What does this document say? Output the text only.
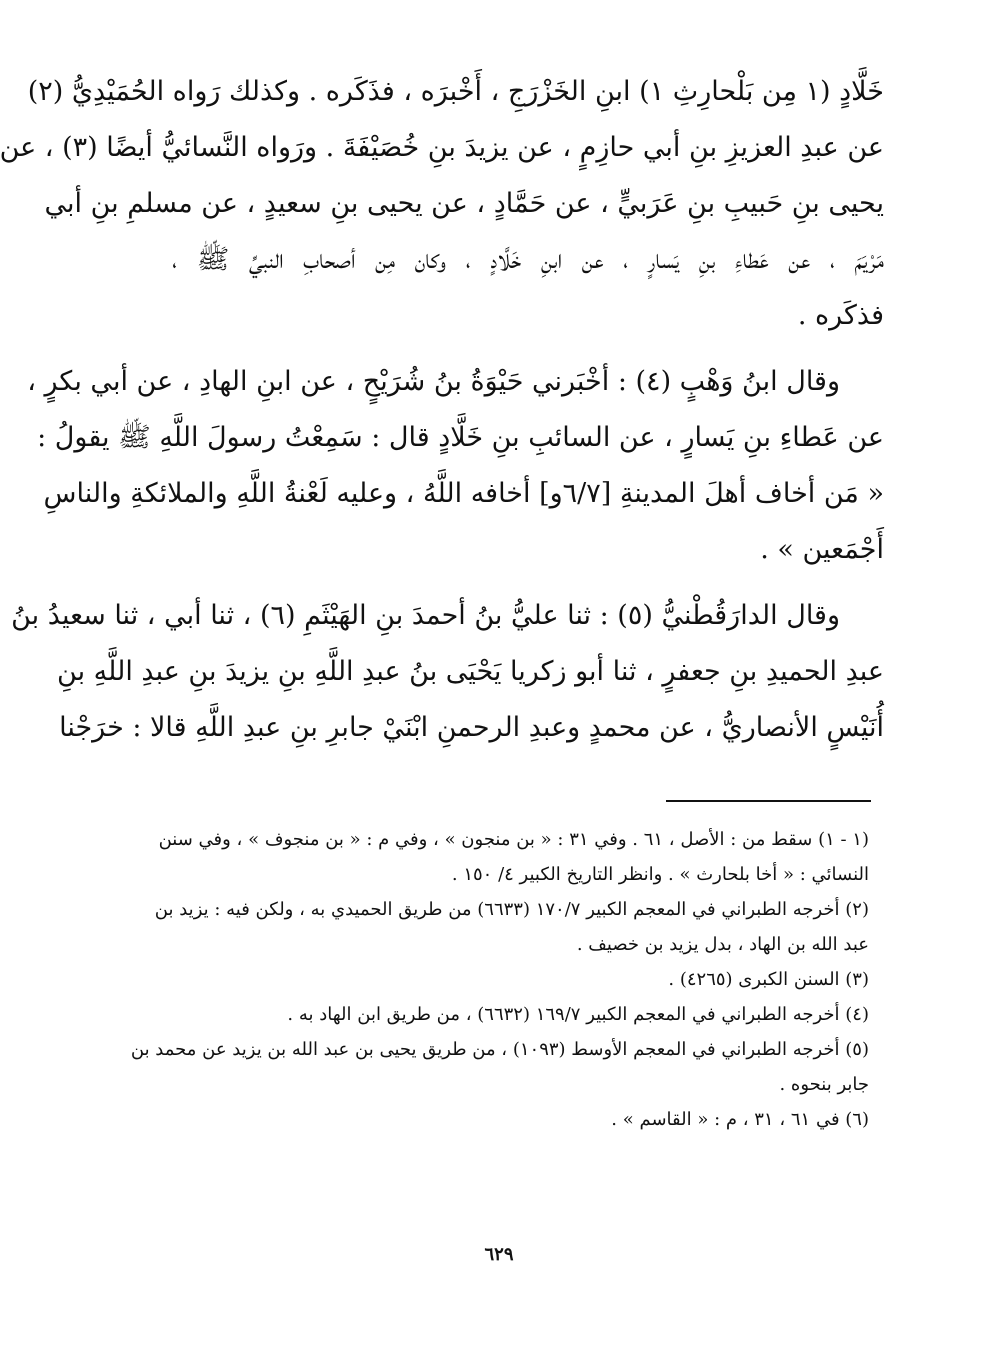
خَلَّادٍ (١ مِن بَلْحارِثِ ١) ابنِ الخَزْرَجِ ، أَخْبرَه ، فذَكَره . وكذلك رَواه الحُمَيْدِيُّ (٢)
عن عبدِ العزيزِ بنِ أبي حازِمٍ ، عن يزيدَ بنِ خُصَيْفَةَ . ورَواه النَّسائيُّ أيضًا (٣) ، عن
يحيى بنِ حَبيبِ بنِ عَرَبيٍّ ، عن حَمَّادٍ ، عن يحيى بنِ سعيدٍ ، عن مسلمِ بنِ أبي
مَرْيَمَ ، عن عَطاءِ بنِ يَسارٍ ، عن ابنِ خَلَّادٍ ، وكان مِن أصحابِ النبيِّ ﷺ ،
فذكَره .
وقال ابنُ وَهْبٍ (٤) : أخْبَرني حَيْوَةُ بنُ شُرَيْحٍ ، عن ابنِ الهادِ ، عن أبي بكرٍ ،
عن عَطاءِ بنِ يَسارٍ ، عن السائبِ بنِ خَلَّادٍ قال : سَمِعْتُ رسولَ اللَّهِ ﷺ يقولُ :
« مَن أخاف أهلَ المدينةِ [٦/٧و] أخافه اللَّهُ ، وعليه لَعْنةُ اللَّهِ والملائكةِ والناسِ
أَجْمَعين » .
وقال الدارَقُطْنيُّ (٥) : ثنا عليُّ بنُ أحمدَ بنِ الهَيْثَمِ (٦) ، ثنا أبي ، ثنا سعيدُ بنُ
عبدِ الحميدِ بنِ جعفرٍ ، ثنا أبو زكريا يَحْيَى بنُ عبدِ اللَّهِ بنِ يزيدَ بنِ عبدِ اللَّهِ بنِ
أُنَيْسٍ الأنصاريُّ ، عن محمدٍ وعبدِ الرحمنِ ابْنَيْ جابرِ بنِ عبدِ اللَّهِ قالا : خرَجْنا
(١ - ١) سقط من : الأصل ، ٦١ . وفي ٣١ : « بن منجون » ، وفي م : « بن منجوف » ، وفي سنن
النسائي : « أخا بلحارث » . وانظر التاريخ الكبير ٤/ ١٥٠ .
(٢) أخرجه الطبراني في المعجم الكبير ١٧٠/٧ (٦٦٣٣) من طريق الحميدي به ، ولكن فيه : يزيد بن
عبد الله بن الهاد ، بدل يزيد بن خصيف .
(٣) السنن الكبرى (٤٢٦٥) .
(٤) أخرجه الطبراني في المعجم الكبير ١٦٩/٧ (٦٦٣٢) ، من طريق ابن الهاد به .
(٥) أخرجه الطبراني في المعجم الأوسط (١٠٩٣) ، من طريق يحيى بن عبد الله بن يزيد عن محمد بن
جابر بنحوه .
(٦) في ٦١ ، ٣١ ، م : « القاسم » .
٦٢٩
